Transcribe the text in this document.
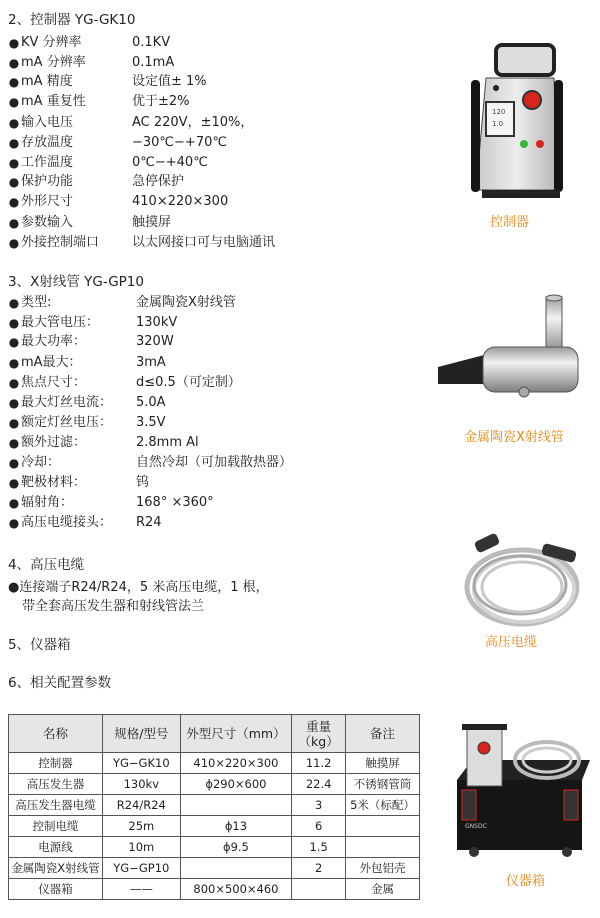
2、控制器 YG-GK10
3、X射线管 YG-GP10
4、高压电缆
5、仪器箱
6、相关配置参数
● KV 分辨率	0.1KV
● mA 分辨率	0.1mA
● mA 精度	设定值± 1%
● mA 重复性	优于±2%
● 输入电压	AC 220V，±10%，
● 存放温度	−30℃−+70℃
● 工作温度	0℃−+40℃
● 保护功能	急停保护
● 外形尺寸	410×220×300
● 参数输入	触摸屏
● 外接控制端口	以太网接口可与电脑通讯
● 类型:	金属陶瓷X射线管
● 最大管电压：	130kV
● 最大功率：	320W
● mA最大：	3mA
● 焦点尺寸：	d≤0.5（可定制）
● 最大灯丝电流： 5.0A
● 额定灯丝电压： 3.5V
● 额外过滤：	2.8mm Al
● 冷却：	自然冷却（可加载散热器）
● 靶极材料：	钨
● 辐射角：	168° ×360°
● 高压电缆接头： R24
●连接端子R24/R24，5 米高压电缆，1 根，
带全套高压发生器和射线管法兰
120
1.0
控制器
金属陶瓷X射线管
高压电缆
GNSDC
仪器箱
名称	规格/型号	外型尺寸（mm）	重量（kg）	备注
控制器	YG−GK10	410×220×300	11.2	触摸屏
高压发生器	130kv	ϕ290×600	22.4	不锈钢管筒
高压发生器电缆	R24/R24		3	5米（标配）
控制电缆	25m	ϕ13	6	
电源线	10m	ϕ9.5	1.5	
金属陶瓷X射线管	YG−GP10		2	外包铝壳
仪器箱	——	800×500×460		金属
